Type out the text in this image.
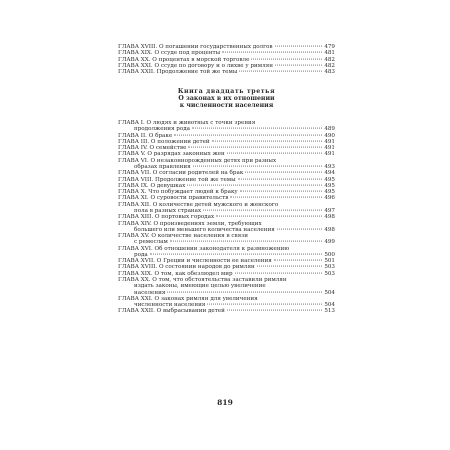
ГЛАВА XVIII. О погашении государственных долгов	479
ГЛАВА XIX. О ссуде под проценты	481
ГЛАВА XX. О процентах в морской торговле	482
ГЛАВА XXI. О ссуде по договору и о лихве у римлян	482
ГЛАВА XXII. Продолжение той же темы	483
Книга двадцать третья
О законах в их отношении
к численности населения
ГЛАВА I. О людях и животных с точки зрения
продолжения рода	489
ГЛАВА II. О браке	490
ГЛАВА III. О положении детей	491
ГЛАВА IV. О семействе	491
ГЛАВА V. О разрядах законных жен	491
ГЛАВА VI. О незаконнорожденных детях при разных
образах правления	493
ГЛАВА VII. О согласии родителей на брак	494
ГЛАВА VIII. Продолжение той же темы	495
ГЛАВА IX. О девушках	495
ГЛАВА X. Что побуждает людей к браку	495
ГЛАВА XI. О суровости правительств	496
ГЛАВА XII. О количестве детей мужского и женского
пола в разных странах	497
ГЛАВА XIII. О портовых городах	498
ГЛАВА XIV. О произведениях земли, требующих
большего или меньшего количества населения	498
ГЛАВА XV. О количестве населения в связи
с ремеслам	499
ГЛАВА XVI. Об отношении законодателя к размножению
рода	500
ГЛАВА XVII. О Греции и численности ее населения	501
ГЛАВА XVIII. О состоянии народов до римлян	503
ГЛАВА XIX. О том, как обезлюдел мир	503
ГЛАВА XX. О том, что обстоятельства заставили римлян
издать законы, имеющие целью увеличение
населения	504
ГЛАВА XXI. О законах римлян для увеличения
численности населения	504
ГЛАВА XXII. О выбрасывании детей	513
819
